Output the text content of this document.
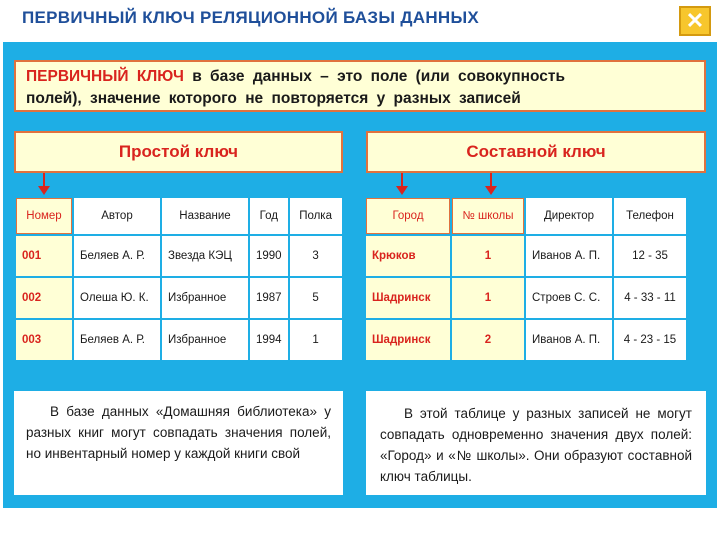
ПЕРВИЧНЫЙ КЛЮЧ РЕЛЯЦИОННОЙ БАЗЫ ДАННЫХ	✕
ПЕРВИЧНЫЙ КЛЮЧ в базе данных – это поле (или совокупность
полей), значение которого не повторяется у разных записей
Простой ключ	Составной ключ
Номер	Автор	Название	Год	Полка
001	Беляев А. Р.	Звезда КЭЦ	1990	3
002	Олеша Ю. К.	Избранное	1987	5
003	Беляев А. Р.	Избранное	1994	1
Город	№ школы	Директор	Телефон
Крюков	1	Иванов А. П.	12 - 35
Шадринск	1	Строев С. С.	4 - 33 - 11
Шадринск	2	Иванов А. П.	4 - 23 - 15

В базе данных «Домашняя библиотека» у разных книг могут совпадать значения полей, но инвентарный номер у каждой книги свой

В этой таблице у разных записей не могут совпадать одновременно значения двух полей: «Город» и «№ школы». Они образуют составной ключ таблицы.
